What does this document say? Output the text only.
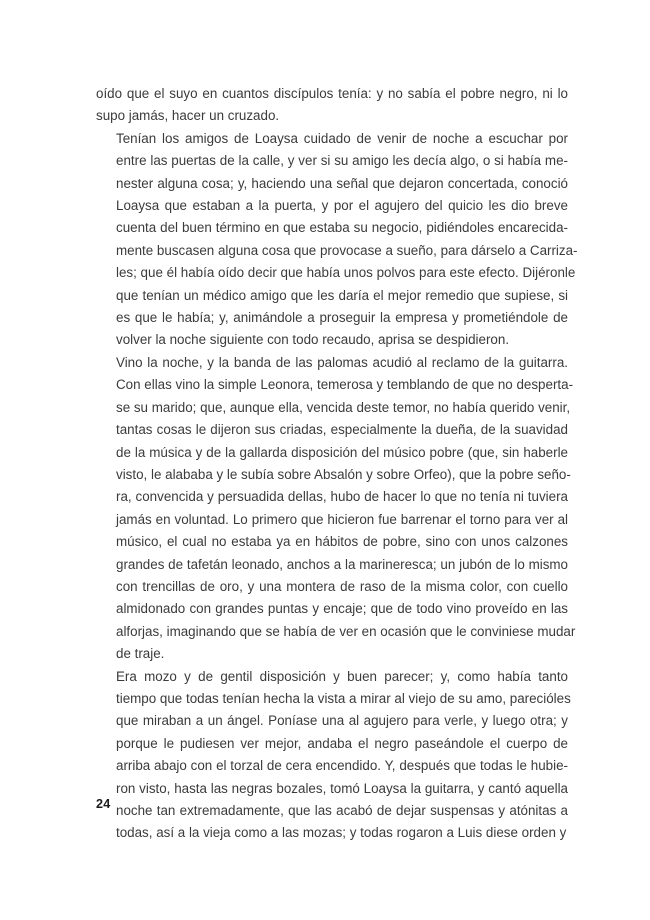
oído que el suyo en cuantos discípulos tenía: y no sabía el pobre negro, ni lo
supo jamás, hacer un cruzado.

Tenían los amigos de Loaysa cuidado de venir de noche a escuchar por
entre las puertas de la calle, y ver si su amigo les decía algo, o si había me-
nester alguna cosa; y, haciendo una señal que dejaron concertada, conoció
Loaysa que estaban a la puerta, y por el agujero del quicio les dio breve
cuenta del buen término en que estaba su negocio, pidiéndoles encarecida-
mente buscasen alguna cosa que provocase a sueño, para dárselo a Carriza-
les; que él había oído decir que había unos polvos para este efecto. Dijéronle
que tenían un médico amigo que les daría el mejor remedio que supiese, si
es que le había; y, animándole a proseguir la empresa y prometiéndole de
volver la noche siguiente con todo recaudo, aprisa se despidieron.

Vino la noche, y la banda de las palomas acudió al reclamo de la guitarra.
Con ellas vino la simple Leonora, temerosa y temblando de que no desperta-
se su marido; que, aunque ella, vencida deste temor, no había querido venir,
tantas cosas le dijeron sus criadas, especialmente la dueña, de la suavidad
de la música y de la gallarda disposición del músico pobre (que, sin haberle
visto, le alababa y le subía sobre Absalón y sobre Orfeo), que la pobre seño-
ra, convencida y persuadida dellas, hubo de hacer lo que no tenía ni tuviera
jamás en voluntad. Lo primero que hicieron fue barrenar el torno para ver al
músico, el cual no estaba ya en hábitos de pobre, sino con unos calzones
grandes de tafetán leonado, anchos a la marineresca; un jubón de lo mismo
con trencillas de oro, y una montera de raso de la misma color, con cuello
almidonado con grandes puntas y encaje; que de todo vino proveído en las
alforjas, imaginando que se había de ver en ocasión que le conviniese mudar
de traje.

Era mozo y de gentil disposición y buen parecer; y, como había tanto
tiempo que todas tenían hecha la vista a mirar al viejo de su amo, parecióles
que miraban a un ángel. Poníase una al agujero para verle, y luego otra; y
porque le pudiesen ver mejor, andaba el negro paseándole el cuerpo de
arriba abajo con el torzal de cera encendido. Y, después que todas le hubie-
ron visto, hasta las negras bozales, tomó Loaysa la guitarra, y cantó aquella
noche tan extremadamente, que las acabó de dejar suspensas y atónitas a
todas, así a la vieja como a las mozas; y todas rogaron a Luis diese orden y

24
